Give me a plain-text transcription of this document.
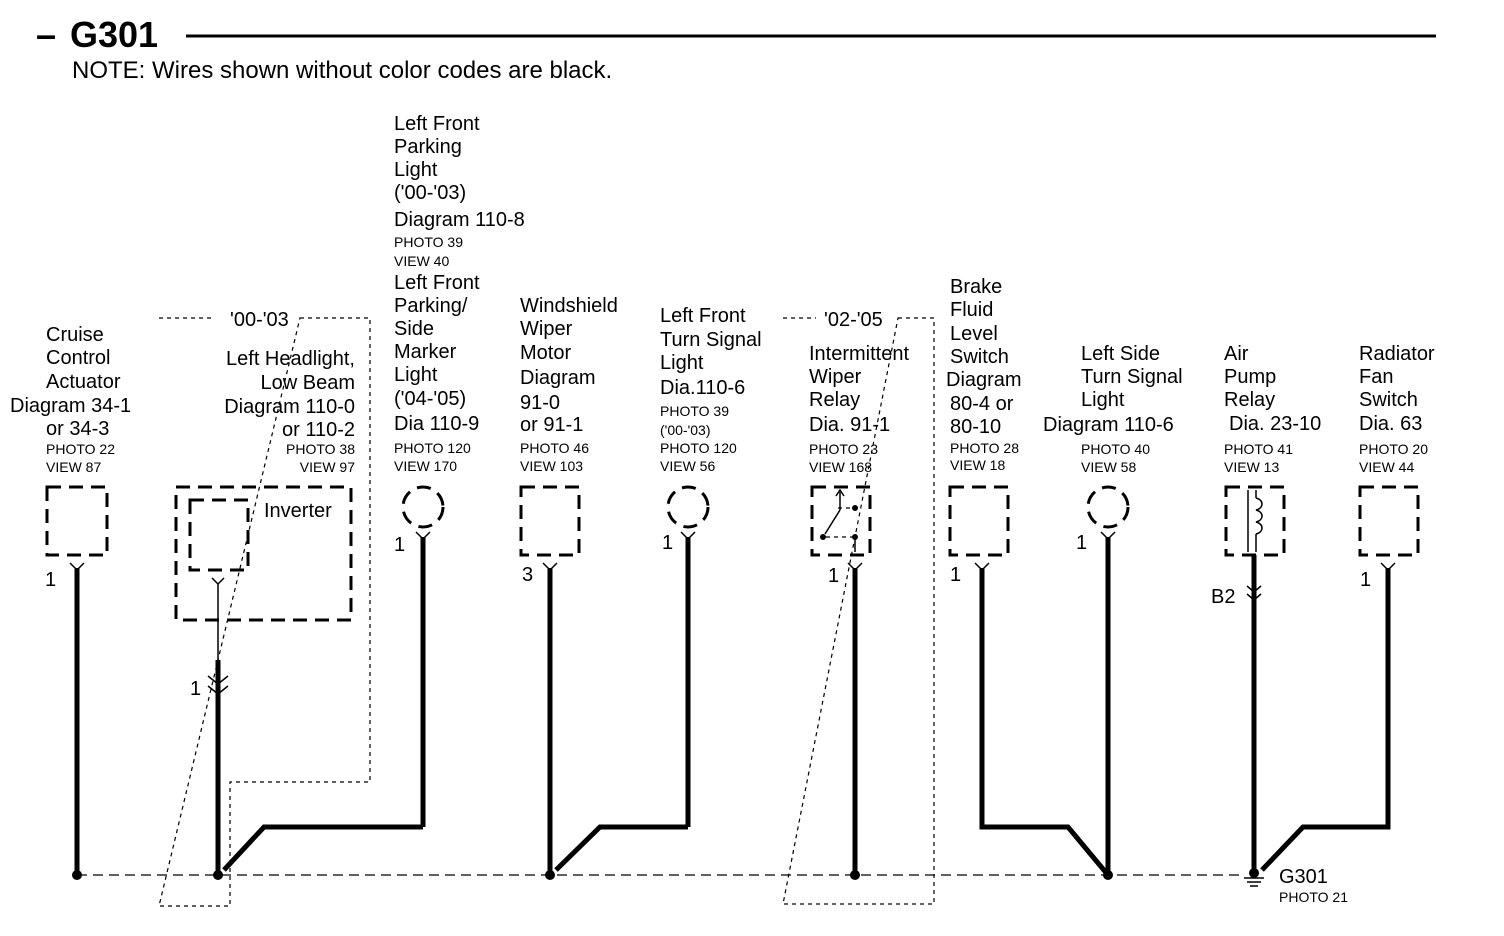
– G301
NOTE: Wires shown without color codes are black.
'00-'03	'02-'05
Cruise
Control
Actuator
Diagram 34-1
or 34-3
PHOTO 22
VIEW 87
1
Left Headlight,
Low Beam
Diagram 110-0
or 110-2
PHOTO 38
VIEW 97
Inverter
1
Left Front
Parking
Light
('00-'03)
Diagram 110-8
PHOTO 39
VIEW 40
Left Front
Parking/
Side
Marker
Light
('04-'05)
Dia 110-9
PHOTO 120
VIEW 170
1
Windshield
Wiper
Motor
Diagram
91-0
or 91-1
PHOTO 46
VIEW 103
3
Left Front
Turn Signal
Light
Dia.110-6
PHOTO 39
('00-'03)
PHOTO 120
VIEW 56
1
Intermittent
Wiper
Relay
Dia. 91-1
PHOTO 23
VIEW 168
1
Brake
Fluid
Level
Switch
Diagram
80-4 or
80-10
PHOTO 28
VIEW 18
1
Left Side
Turn Signal
Light
Diagram 110-6
PHOTO 40
VIEW 58
1
Air
Pump
Relay
Dia. 23-10
PHOTO 41
VIEW 13
B2
Radiator
Fan
Switch
Dia. 63
PHOTO 20
VIEW 44
1
G301
PHOTO 21
